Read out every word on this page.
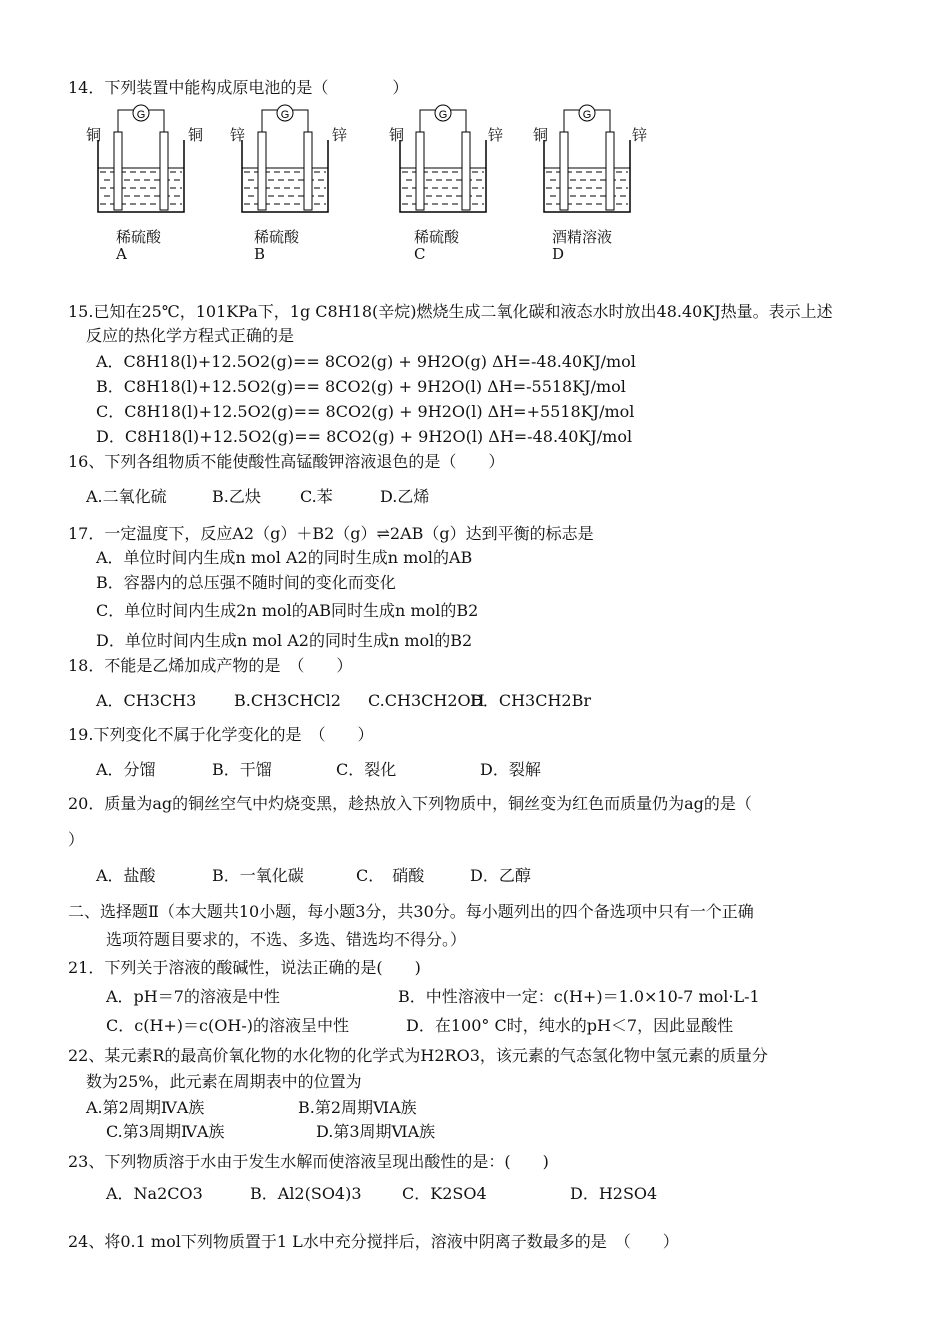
14．下列装置中能构成原电池的是（　　　　）
铜	铜
G
稀硫酸
A
锌	锌
G
稀硫酸
B
铜	锌
G
稀硫酸
C
铜	锌
G
酒精溶液
D
15.已知在25℃，101KPa下，1g C8H18(辛烷)燃烧生成二氧化碳和液态水时放出48.40KJ热量。表示上述
反应的热化学方程式正确的是
A．C8H18(l)+12.5O2(g)== 8CO2(g) + 9H2O(g) ΔH=-48.40KJ/mol
B．C8H18(l)+12.5O2(g)== 8CO2(g) + 9H2O(l) ΔH=-5518KJ/mol
C．C8H18(l)+12.5O2(g)== 8CO2(g) + 9H2O(l) ΔH=+5518KJ/mol
D．C8H18(l)+12.5O2(g)== 8CO2(g) + 9H2O(l) ΔH=-48.40KJ/mol
16、下列各组物质不能使酸性高锰酸钾溶液退色的是（　　）
A.二氧化硫	B.乙炔 C.苯	D.乙烯
17．一定温度下，反应A2（g）＋B2（g）⇌2AB（g）达到平衡的标志是
A．单位时间内生成n mol A2的同时生成n mol的AB
B．容器内的总压强不随时间的变化而变化
C．单位时间内生成2n mol的AB同时生成n mol的B2
D．单位时间内生成n mol A2的同时生成n mol的B2
18．不能是乙烯加成产物的是　（　　）
A．CH3CH3 B.CH3CHCl2 C.CH3CH2OH
D．CH3CH2Br
19.下列变化不属于化学变化的是　（　　）
A．分馏	B．干馏	C．裂化	D．裂解
20．质量为ag的铜丝空气中灼烧变黑，趁热放入下列物质中，铜丝变为红色而质量仍为ag的是（
）
A．盐酸	B．一氧化碳	C．　硝酸	D．乙醇
二、选择题Ⅱ（本大题共10小题，每小题3分，共30分。每小题列出的四个备选项中只有一个正确
选项符题目要求的，不选、多选、错选均不得分。）
21．下列关于溶液的酸碱性，说法正确的是(　　)
A．pH＝7的溶液是中性	B．中性溶液中一定：c(H+)＝1.0×10-7 mol·L-1
C．c(H+)＝c(OH-)的溶液呈中性	D．在100° C时，纯水的pH＜7，因此显酸性
22、某元素R的最高价氧化物的水化物的化学式为H2RO3，该元素的气态氢化物中氢元素的质量分
数为25%，此元素在周期表中的位置为
A.第2周期ⅣA族	B.第2周期ⅥA族
C.第3周期ⅣA族	D.第3周期ⅥA族
23、下列物质溶于水由于发生水解而使溶液呈现出酸性的是：(　　)
A．Na2CO3	B．Al2(SO4)3	C．K2SO4	D．H2SO4
24、将0.1 mol下列物质置于1 L水中充分搅拌后，溶液中阴离子数最多的是　（　　）
